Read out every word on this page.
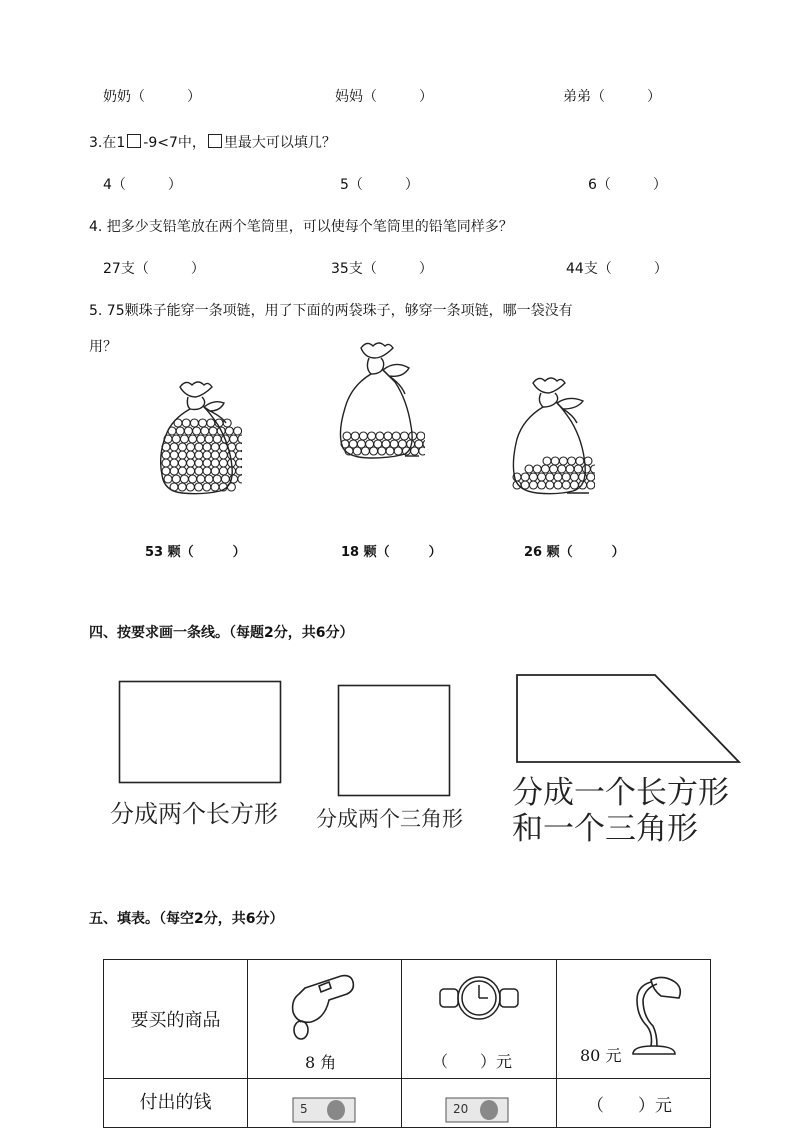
奶奶（　　　）	妈妈（　　　）	弟弟（　　　）
3.在1 -9<7中， 里最大可以填几？
4（　　　）	5（　　　）	6（　　　）
4. 把多少支铅笔放在两个笔筒里，可以使每个笔筒里的铅笔同样多？
27支（　　　）	35支（　　　）	44支（　　　）
5. 75颗珠子能穿一条项链，用了下面的两袋珠子，够穿一条项链，哪一袋没有
用？
53 颗（　　　）	18 颗（　　　）	26 颗（　　　）
四、按要求画一条线。（每题2分，共6分）
分成两个长方形 分成两个三角形
分成一个长方形
和一个三角形
五、填表。（每空2分，共6分）
要买的商品	8 角	（　　）元	80 元

付出的钱	5	20	（　　）元
